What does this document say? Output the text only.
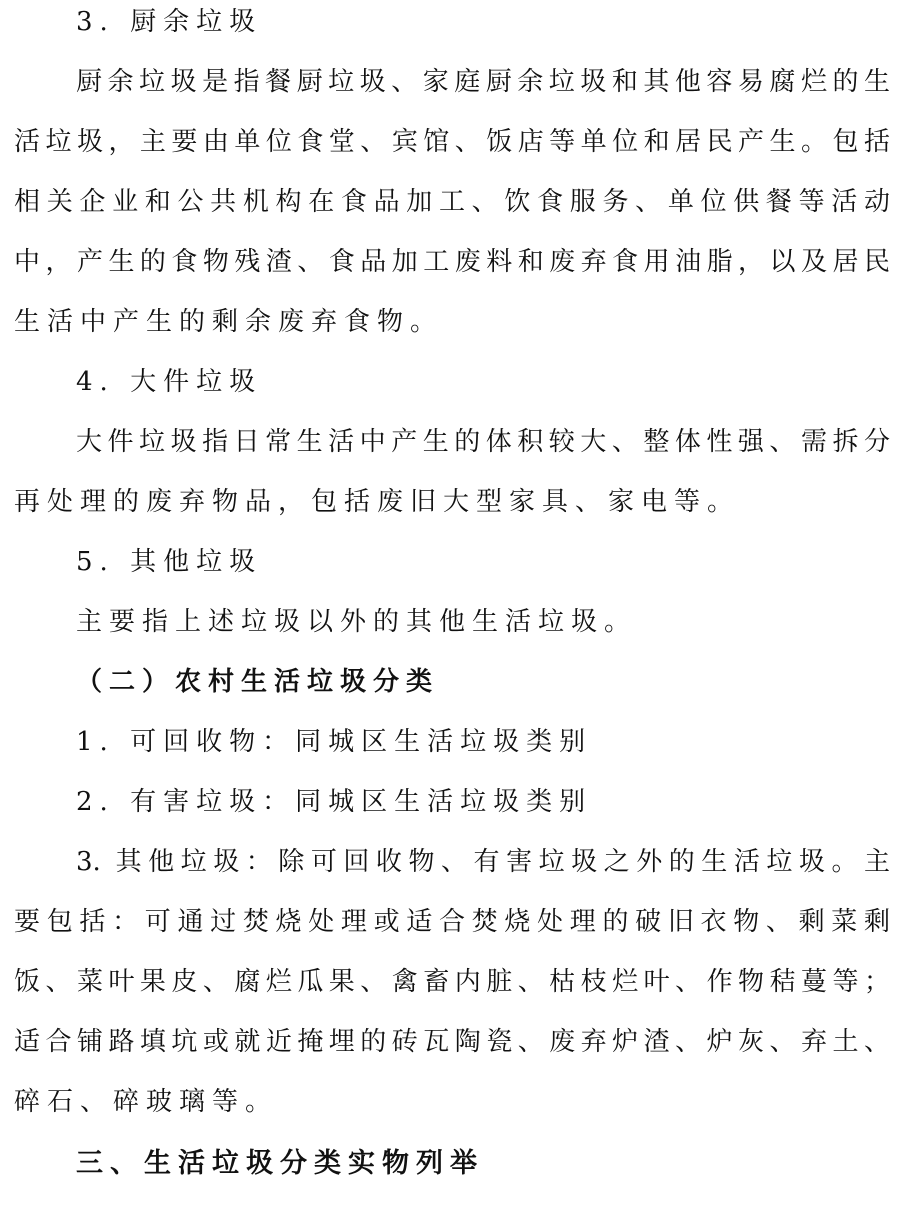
3. 厨余垃圾
厨余垃圾是指餐厨垃圾、家庭厨余垃圾和其他容易腐烂的生
活垃圾，主要由单位食堂、宾馆、饭店等单位和居民产生。包括
相关企业和公共机构在食品加工、饮食服务、单位供餐等活动
中，产生的食物残渣、食品加工废料和废弃食用油脂，以及居民
生活中产生的剩余废弃食物。
4. 大件垃圾
大件垃圾指日常生活中产生的体积较大、整体性强、需拆分
再处理的废弃物品，包括废旧大型家具、家电等。
5. 其他垃圾
主要指上述垃圾以外的其他生活垃圾。
（二）农村生活垃圾分类
1. 可回收物：同城区生活垃圾类别
2. 有害垃圾：同城区生活垃圾类别
3. 其他垃圾：除可回收物、有害垃圾之外的生活垃圾。主
要包括：可通过焚烧处理或适合焚烧处理的破旧衣物、剩菜剩
饭、菜叶果皮、腐烂瓜果、禽畜内脏、枯枝烂叶、作物秸蔓等；
适合铺路填坑或就近掩埋的砖瓦陶瓷、废弃炉渣、炉灰、弃土、
碎石、碎玻璃等。
三、生活垃圾分类实物列举
